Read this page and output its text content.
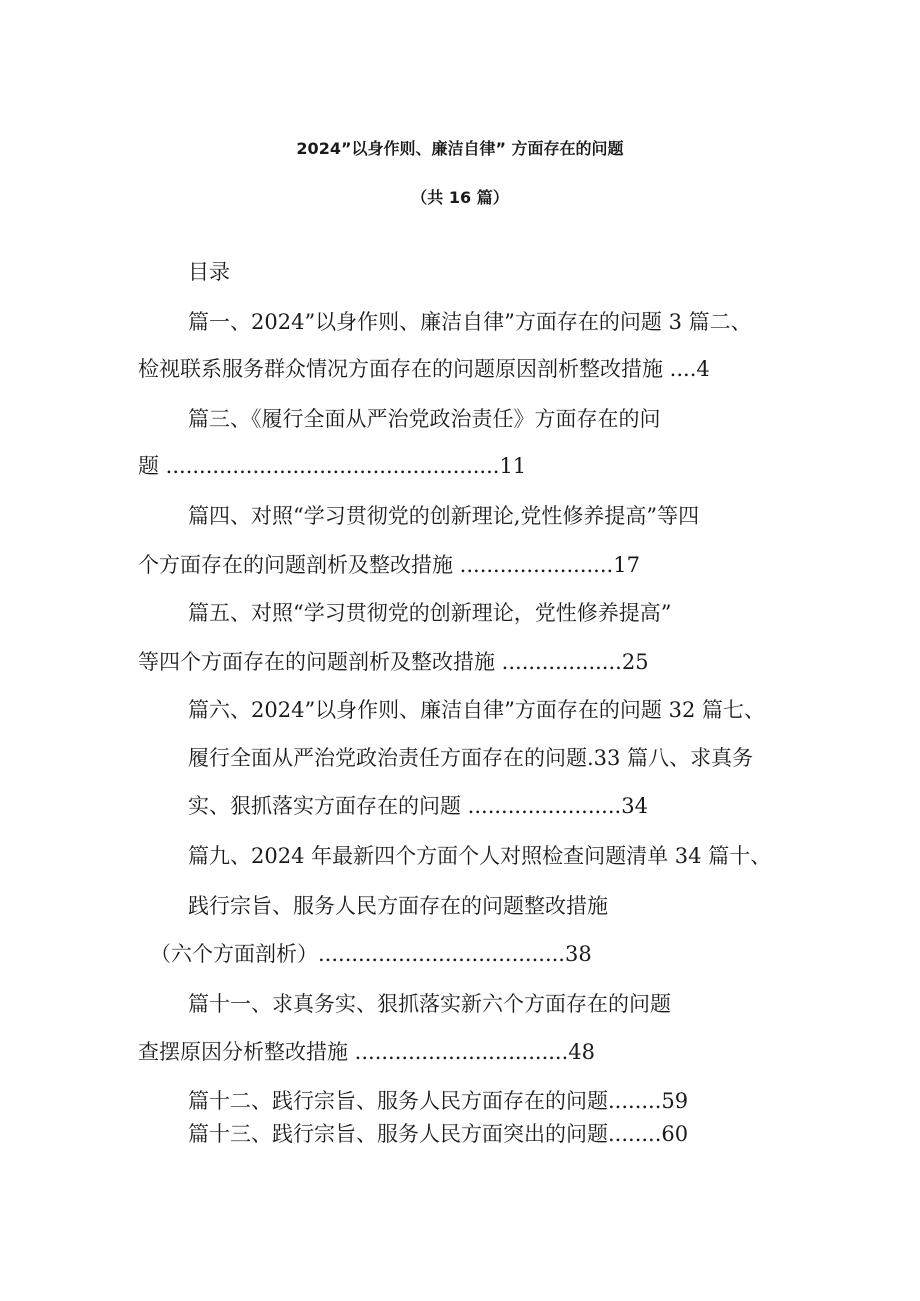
2024”以身作则、廉洁自律” 方面存在的问题
（共 16 篇）
目录
篇一、2024”以身作则、廉洁自律”方面存在的问题 3 篇二、
检视联系服务群众情况方面存在的问题原因剖析整改措施 ....4
篇三、《履行全面从严治党政治责任》方面存在的问
题 ..................................................11
篇四、对照“学习贯彻党的创新理论,党性修养提高”等四
个方面存在的问题剖析及整改措施 .......................17
篇五、对照“学习贯彻党的创新理论，党性修养提高”
等四个方面存在的问题剖析及整改措施 ..................25
篇六、2024”以身作则、廉洁自律”方面存在的问题 32 篇七、
履行全面从严治党政治责任方面存在的问题.33 篇八、求真务
实、狠抓落实方面存在的问题 .......................34
篇九、2024 年最新四个方面个人对照检查问题清单 34 篇十、
践行宗旨、服务人民方面存在的问题整改措施
（六个方面剖析）.....................................38
篇十一、求真务实、狠抓落实新六个方面存在的问题
查摆原因分析整改措施 ................................48
篇十二、践行宗旨、服务人民方面存在的问题........59
篇十三、践行宗旨、服务人民方面突出的问题........60
